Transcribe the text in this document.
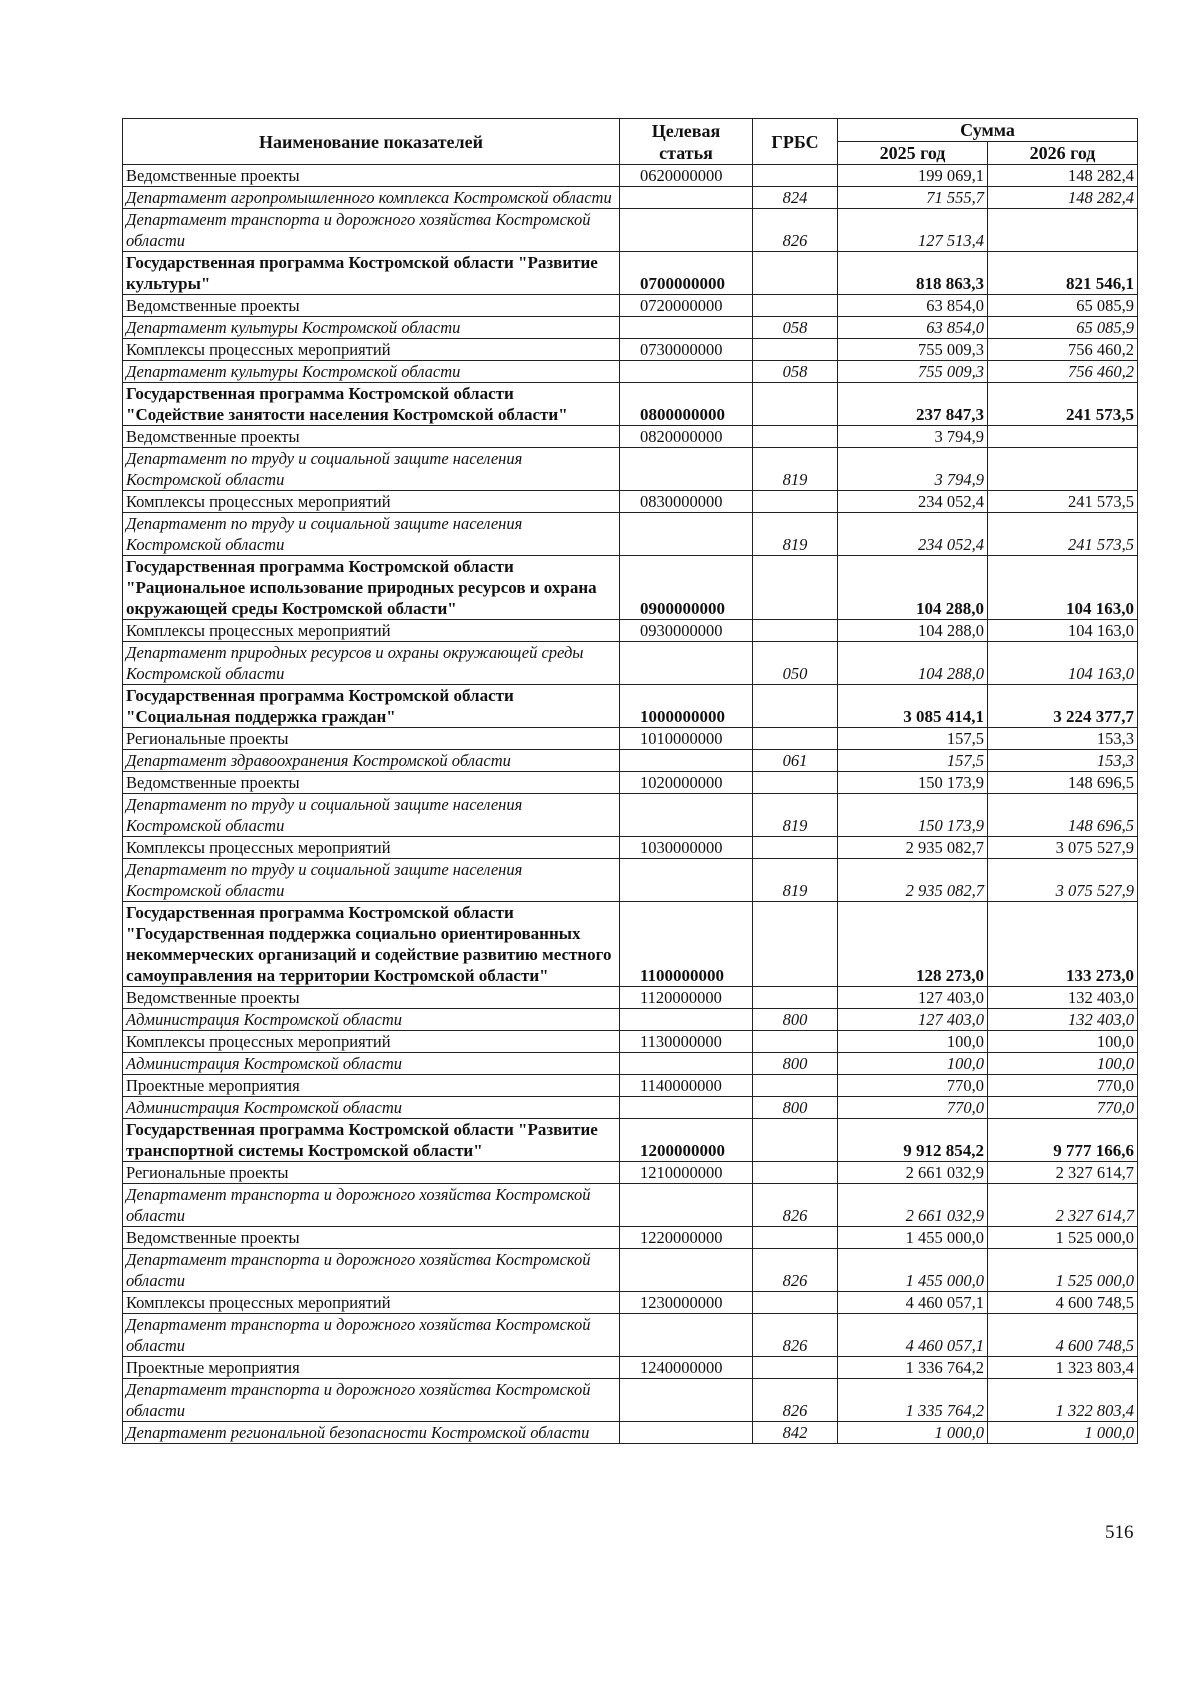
Наименование показателей	Целевая статья	ГРБС	Сумма	
			2025 год	2026 год
Ведомственные проекты	0620000000		199 069,1	148 282,4
Департамент агропромышленного комплекса Костромской области		824	71 555,7	148 282,4
Департамент транспорта и дорожного хозяйства Костромской области		826	127 513,4	
Государственная программа Костромской области "Развитие культуры"	0700000000		818 863,3	821 546,1
Ведомственные проекты	0720000000		63 854,0	65 085,9
Департамент культуры Костромской области		058	63 854,0	65 085,9
Комплексы процессных мероприятий	0730000000		755 009,3	756 460,2
Департамент культуры Костромской области		058	755 009,3	756 460,2
Государственная программа Костромской области "Содействие занятости населения Костромской области"	0800000000		237 847,3	241 573,5
Ведомственные проекты	0820000000		3 794,9	
Департамент по труду и социальной защите населения Костромской области		819	3 794,9	
Комплексы процессных мероприятий	0830000000		234 052,4	241 573,5
Департамент по труду и социальной защите населения Костромской области		819	234 052,4	241 573,5
Государственная программа Костромской области "Рациональное использование природных ресурсов и охрана окружающей среды Костромской области"	0900000000		104 288,0	104 163,0
Комплексы процессных мероприятий	0930000000		104 288,0	104 163,0
Департамент природных ресурсов и охраны окружающей среды Костромской области		050	104 288,0	104 163,0
Государственная программа Костромской области "Социальная поддержка граждан"	1000000000		3 085 414,1	3 224 377,7
Региональные проекты	1010000000		157,5	153,3
Департамент здравоохранения Костромской области		061	157,5	153,3
Ведомственные проекты	1020000000		150 173,9	148 696,5
Департамент по труду и социальной защите населения Костромской области		819	150 173,9	148 696,5
Комплексы процессных мероприятий	1030000000		2 935 082,7	3 075 527,9
Департамент по труду и социальной защите населения Костромской области		819	2 935 082,7	3 075 527,9
Государственная программа Костромской области "Государственная поддержка социально ориентированных некоммерческих организаций и содействие развитию местного самоуправления на территории Костромской области"	1100000000		128 273,0	133 273,0
Ведомственные проекты	1120000000		127 403,0	132 403,0
Администрация Костромской области		800	127 403,0	132 403,0
Комплексы процессных мероприятий	1130000000		100,0	100,0
Администрация Костромской области		800	100,0	100,0
Проектные мероприятия	1140000000		770,0	770,0
Администрация Костромской области		800	770,0	770,0
Государственная программа Костромской области "Развитие транспортной системы Костромской области"	1200000000		9 912 854,2	9 777 166,6
Региональные проекты	1210000000		2 661 032,9	2 327 614,7
Департамент транспорта и дорожного хозяйства Костромской области		826	2 661 032,9	2 327 614,7
Ведомственные проекты	1220000000		1 455 000,0	1 525 000,0
Департамент транспорта и дорожного хозяйства Костромской области		826	1 455 000,0	1 525 000,0
Комплексы процессных мероприятий	1230000000		4 460 057,1	4 600 748,5
Департамент транспорта и дорожного хозяйства Костромской области		826	4 460 057,1	4 600 748,5
Проектные мероприятия	1240000000		1 336 764,2	1 323 803,4
Департамент транспорта и дорожного хозяйства Костромской области		826	1 335 764,2	1 322 803,4
Департамент региональной безопасности Костромской области		842	1 000,0	1 000,0
516
